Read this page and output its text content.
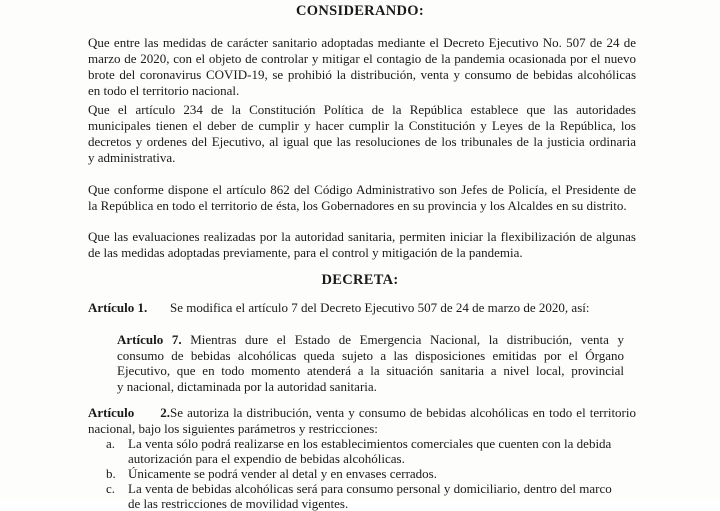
CONSIDERANDO:
Que entre las medidas de carácter sanitario adoptadas mediante el Decreto Ejecutivo No. 507 de 24 de
marzo de 2020, con el objeto de controlar y mitigar el contagio de la pandemia ocasionada por el nuevo
brote del coronavirus COVID-19, se prohibió la distribución, venta y consumo de bebidas alcohólicas
en todo el territorio nacional.
Que el artículo 234 de la Constitución Política de la República establece que las autoridades
municipales tienen el deber de cumplir y hacer cumplir la Constitución y Leyes de la República, los
decretos y ordenes del Ejecutivo, al igual que las resoluciones de los tribunales de la justicia ordinaria
y administrativa.
Que conforme dispone el artículo 862 del Código Administrativo son Jefes de Policía, el Presidente de
la República en todo el territorio de ésta, los Gobernadores en su provincia y los Alcaldes en su distrito.
Que las evaluaciones realizadas por la autoridad sanitaria, permiten iniciar la flexibilización de algunas
de las medidas adoptadas previamente, para el control y mitigación de la pandemia.
DECRETA:
Artículo 1. Se modifica el artículo 7 del Decreto Ejecutivo 507 de 24 de marzo de 2020, así:
Artículo 7. Mientras dure el Estado de Emergencia Nacional, la distribución, venta y
consumo de bebidas alcohólicas queda sujeto a las disposiciones emitidas por el Órgano
Ejecutivo, que en todo momento atenderá a la situación sanitaria a nivel local, provincial
y nacional, dictaminada por la autoridad sanitaria.
Artículo 2.Se autoriza la distribución, venta y consumo de bebidas alcohólicas en todo el territorio
nacional, bajo los siguientes parámetros y restricciones:
a. La venta sólo podrá realizarse en los establecimientos comerciales que cuenten con la debida
autorización para el expendio de bebidas alcohólicas.
b. Únicamente se podrá vender al detal y en envases cerrados.
c. La venta de bebidas alcohólicas será para consumo personal y domiciliario, dentro del marco
de las restricciones de movilidad vigentes.
